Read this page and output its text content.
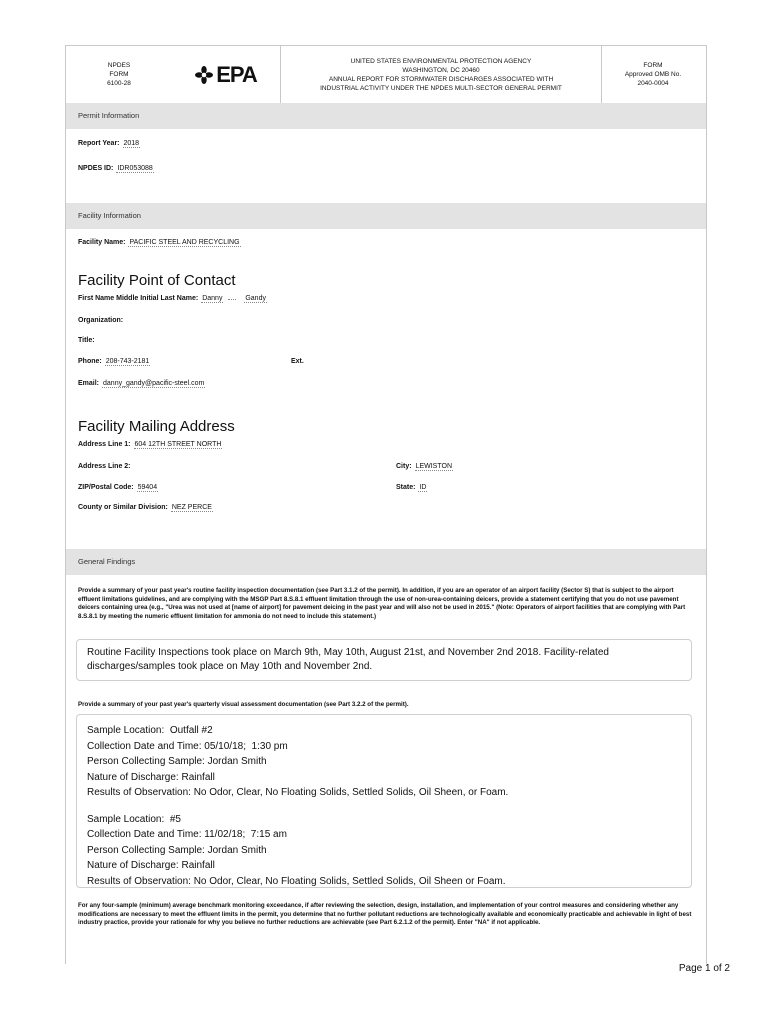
NPDES
FORM
6100-28	EPA
UNITED STATES ENVIRONMENTAL PROTECTION AGENCY
WASHINGTON, DC 20460
ANNUAL REPORT FOR STORMWATER DISCHARGES ASSOCIATED WITH
INDUSTRIAL ACTIVITY UNDER THE NPDES MULTI-SECTOR GENERAL PERMIT
FORM
Approved OMB No.
2040-0004
Permit Information
Report Year: 2018
NPDES ID: IDR053088
Facility Information
Facility Name: PACIFIC STEEL AND RECYCLING
Facility Point of Contact
First Name Middle Initial Last Name: Danny	Gandy
Organization:
Title:
Phone: 208-743-2181	Ext.
Email: danny_gandy@pacific-steel.com
Facility Mailing Address
Address Line 1: 604 12TH STREET NORTH
Address Line 2:	City: LEWISTON
ZIP/Postal Code: 59404	State: ID
County or Similar Division: NEZ PERCE
General Findings
Provide a summary of your past year's routine facility inspection documentation (see Part 3.1.2 of the permit). In addition, if you are an operator of an airport facility (Sector S) that is subject to the airport effluent limitations guidelines, and are complying with the MSGP Part 8.S.8.1 effluent limitation through the use of non-urea-containing deicers, provide a statement certifying that you do not use pavement deicers containing urea (e.g., "Urea was not used at [name of airport] for pavement deicing in the past year and will also not be used in 2015." (Note: Operators of airport facilities that are complying with Part 8.S.8.1 by meeting the numeric effluent limitation for ammonia do not need to include this statement.)
Routine Facility Inspections took place on March 9th, May 10th, August 21st, and November 2nd 2018. Facility-related discharges/samples took place on May 10th and November 2nd.
Provide a summary of your past year's quarterly visual assessment documentation (see Part 3.2.2 of the permit).
Sample Location:  Outfall #2
Collection Date and Time: 05/10/18;  1:30 pm
Person Collecting Sample: Jordan Smith
Nature of Discharge: Rainfall
Results of Observation: No Odor, Clear, No Floating Solids, Settled Solids, Oil Sheen, or Foam.
Sample Location:  #5
Collection Date and Time: 11/02/18;  7:15 am
Person Collecting Sample: Jordan Smith
Nature of Discharge: Rainfall
Results of Observation: No Odor, Clear, No Floating Solids, Settled Solids, Oil Sheen or Foam.
For any four-sample (minimum) average benchmark monitoring exceedance, if after reviewing the selection, design, installation, and implementation of your control measures and considering whether any modifications are necessary to meet the effluent limits in the permit, you determine that no further pollutant reductions are technologically available and economically practicable and achievable in light of best industry practice, provide your rationale for why you believe no further reductions are achievable (see Part 6.2.1.2 of the permit). Enter "NA" if not applicable.
Page 1 of 2
